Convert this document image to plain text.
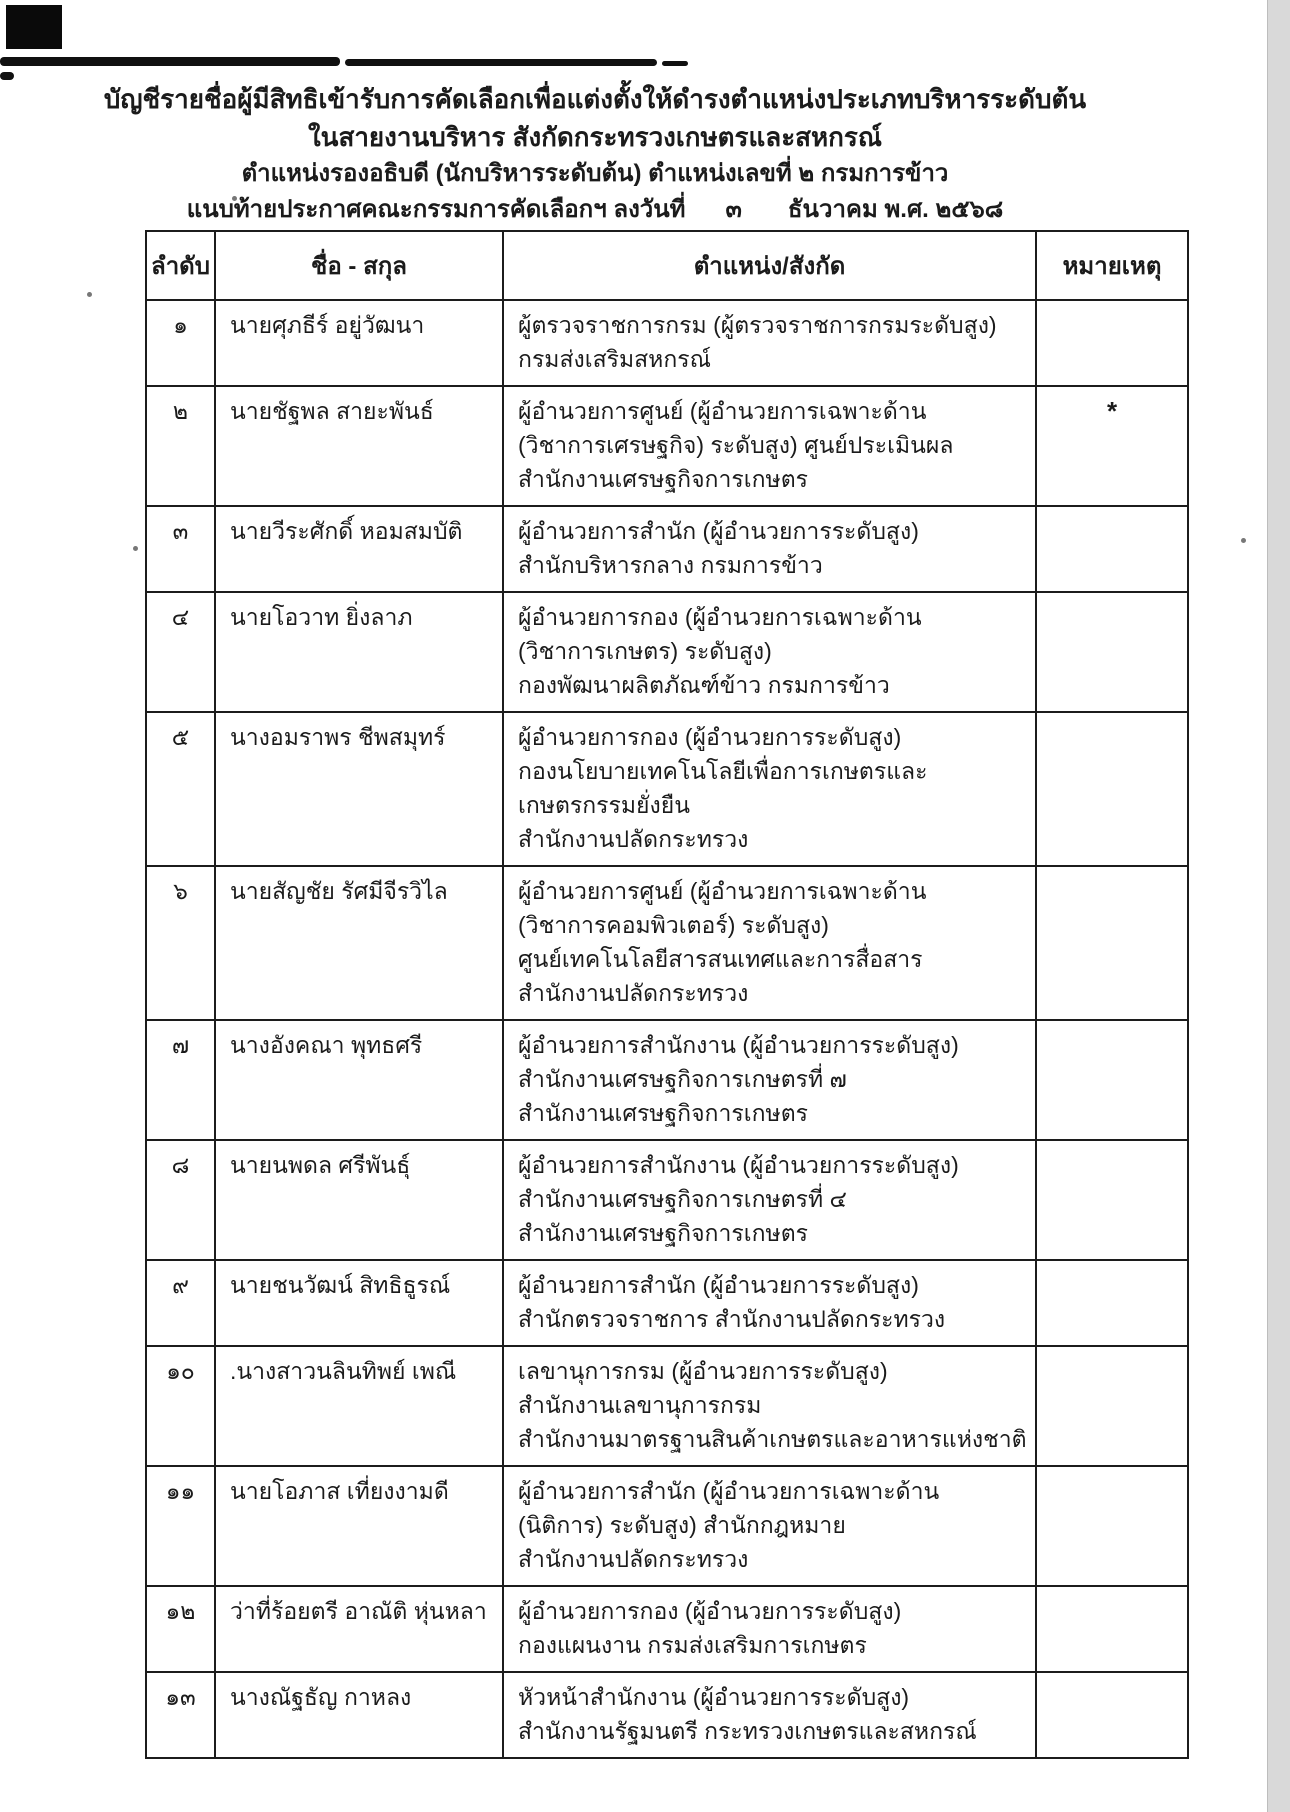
บัญชีรายชื่อผู้มีสิทธิเข้ารับการคัดเลือกเพื่อแต่งตั้งให้ดำรงตำแหน่งประเภทบริหารระดับต้น
ในสายงานบริหาร สังกัดกระทรวงเกษตรและสหกรณ์
ตำแหน่งรองอธิบดี (นักบริหารระดับต้น) ตำแหน่งเลขที่ ๒ กรมการข้าว
แนบท้ายประกาศคณะกรรมการคัดเลือกฯ ลงวันที่ ๓ ธันวาคม พ.ศ. ๒๕๖๘
ลำดับ	ชื่อ - สกุล	ตำแหน่ง/สังกัด	หมายเหตุ
๑	นายศุภธีร์ อยู่วัฒนา	ผู้ตรวจราชการกรม (ผู้ตรวจราชการกรมระดับสูง)
กรมส่งเสริมสหกรณ์	

๒	นายชัฐพล สายะพันธ์	ผู้อำนวยการศูนย์ (ผู้อำนวยการเฉพาะด้าน
(วิชาการเศรษฐกิจ) ระดับสูง) ศูนย์ประเมินผล
สำนักงานเศรษฐกิจการเกษตร	*
๓	นายวีระศักดิ์ หอมสมบัติ	ผู้อำนวยการสำนัก (ผู้อำนวยการระดับสูง)
สำนักบริหารกลาง กรมการข้าว	

๔	นายโอวาท ยิ่งลาภ	ผู้อำนวยการกอง (ผู้อำนวยการเฉพาะด้าน
(วิชาการเกษตร) ระดับสูง)
กองพัฒนาผลิตภัณฑ์ข้าว กรมการข้าว	

๕	นางอมราพร ชีพสมุทร์	ผู้อำนวยการกอง (ผู้อำนวยการระดับสูง)
กองนโยบายเทคโนโลยีเพื่อการเกษตรและ
เกษตรกรรมยั่งยืน
สำนักงานปลัดกระทรวง	

๖	นายสัญชัย รัศมีจีรวิไล	ผู้อำนวยการศูนย์ (ผู้อำนวยการเฉพาะด้าน
(วิชาการคอมพิวเตอร์) ระดับสูง)
ศูนย์เทคโนโลยีสารสนเทศและการสื่อสาร
สำนักงานปลัดกระทรวง	

๗	นางอังคณา พุทธศรี	ผู้อำนวยการสำนักงาน (ผู้อำนวยการระดับสูง)
สำนักงานเศรษฐกิจการเกษตรที่ ๗
สำนักงานเศรษฐกิจการเกษตร	

๘	นายนพดล ศรีพันธุ์	ผู้อำนวยการสำนักงาน (ผู้อำนวยการระดับสูง)
สำนักงานเศรษฐกิจการเกษตรที่ ๔
สำนักงานเศรษฐกิจการเกษตร	

๙	นายชนวัฒน์ สิทธิธูรณ์	ผู้อำนวยการสำนัก (ผู้อำนวยการระดับสูง)
สำนักตรวจราชการ สำนักงานปลัดกระทรวง	

๑๐	.นางสาวนลินทิพย์ เพณี	เลขานุการกรม (ผู้อำนวยการระดับสูง)
สำนักงานเลขานุการกรม
สำนักงานมาตรฐานสินค้าเกษตรและอาหารแห่งชาติ	

๑๑	นายโอภาส เที่ยงงามดี	ผู้อำนวยการสำนัก (ผู้อำนวยการเฉพาะด้าน
(นิติการ) ระดับสูง) สำนักกฎหมาย
สำนักงานปลัดกระทรวง	

๑๒	ว่าที่ร้อยตรี อาณัติ หุ่นหลา	ผู้อำนวยการกอง (ผู้อำนวยการระดับสูง)
กองแผนงาน กรมส่งเสริมการเกษตร	

๑๓	นางณัฐธัญ กาหลง	หัวหน้าสำนักงาน (ผู้อำนวยการระดับสูง)
สำนักงานรัฐมนตรี กระทรวงเกษตรและสหกรณ์	
